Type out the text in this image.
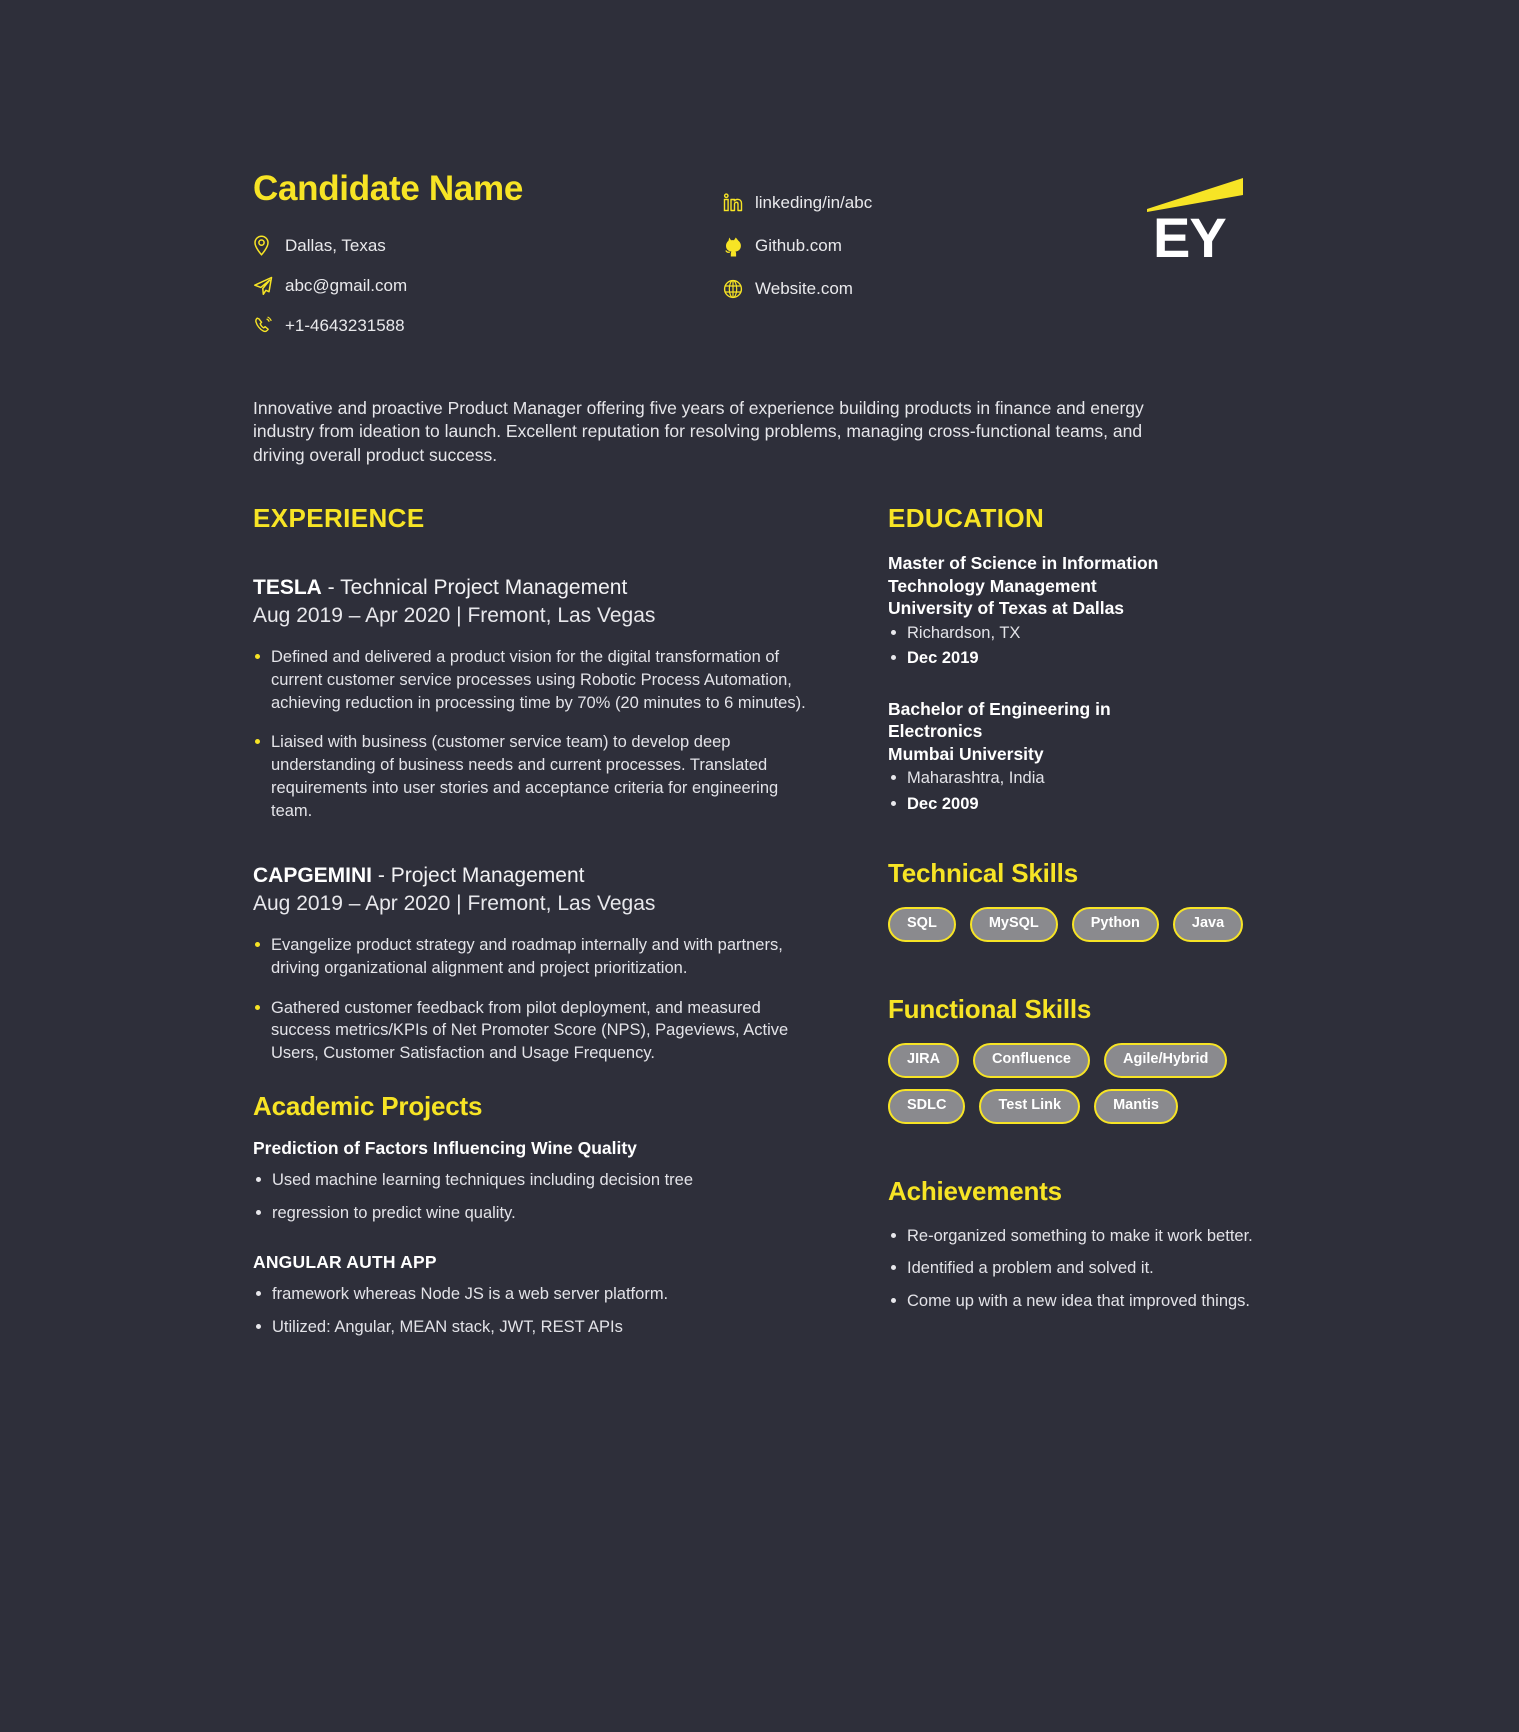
Candidate Name
Dallas, Texas
abc@gmail.com
+1-4643231588
linkeding/in/abc
Github.com
Website.com
EY
Innovative and proactive Product Manager offering five years of experience building products in finance and energy industry from ideation to launch. Excellent reputation for resolving problems, managing cross-functional teams, and driving overall product success.
EXPERIENCE
TESLA - Technical Project Management
Aug 2019 – Apr 2020 | Fremont, Las Vegas
Defined and delivered a product vision for the digital transformation of current customer service processes using Robotic Process Automation, achieving reduction in processing time by 70% (20 minutes to 6 minutes).
Liaised with business (customer service team) to develop deep understanding of business needs and current processes. Translated requirements into user stories and acceptance criteria for engineering team.
CAPGEMINI - Project Management
Aug 2019 – Apr 2020 | Fremont, Las Vegas
Evangelize product strategy and roadmap internally and with partners, driving organizational alignment and project prioritization.
Gathered customer feedback from pilot deployment, and measured success metrics/KPIs of Net Promoter Score (NPS), Pageviews, Active Users, Customer Satisfaction and Usage Frequency.
Academic Projects
Prediction of Factors Influencing Wine Quality
Used machine learning techniques including decision tree
regression to predict wine quality.
ANGULAR AUTH APP
framework whereas Node JS is a web server platform.
Utilized: Angular, MEAN stack, JWT, REST APIs
EDUCATION
Master of Science in Information
Technology Management
University of Texas at Dallas
Richardson, TX
Dec 2019
Bachelor of Engineering in
Electronics
Mumbai University
Maharashtra, India
Dec 2009
Technical Skills
SQL	MySQL	Python	Java
Functional Skills
JIRA	Confluence	Agile/Hybrid
SDLC	Test Link	Mantis
Achievements
Re-organized something to make it work better.
Identified a problem and solved it.
Come up with a new idea that improved things.
